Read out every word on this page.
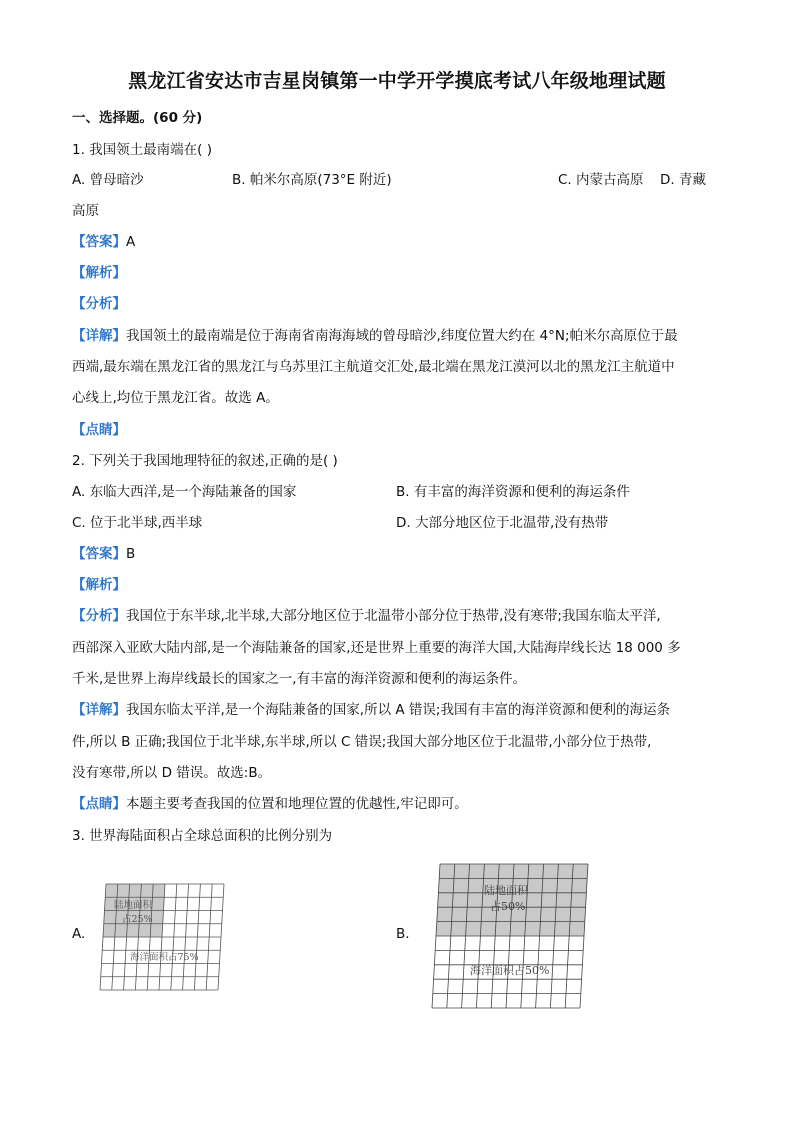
黑龙江省安达市吉星岗镇第一中学开学摸底考试八年级地理试题
一、选择题。(60 分)
1. 我国领土最南端在( )
A. 曾母暗沙	B. 帕米尔高原(73°E 附近)	C. 内蒙古高原 D. 青藏
高原
【答案】A
【解析】
【分析】
【详解】我国领土的最南端是位于海南省南海海域的曾母暗沙,纬度位置大约在 4°N;帕米尔高原位于最
西端,最东端在黑龙江省的黑龙江与乌苏里江主航道交汇处,最北端在黑龙江漠河以北的黑龙江主航道中
心线上,均位于黑龙江省。故选 A。
【点睛】
2. 下列关于我国地理特征的叙述,正确的是( )
A. 东临大西洋,是一个海陆兼备的国家	B. 有丰富的海洋资源和便利的海运条件
C. 位于北半球,西半球	D. 大部分地区位于北温带,没有热带
【答案】B
【解析】
【分析】我国位于东半球,北半球,大部分地区位于北温带小部分位于热带,没有寒带;我国东临太平洋,
西部深入亚欧大陆内部,是一个海陆兼备的国家,还是世界上重要的海洋大国,大陆海岸线长达 18 000 多
千米,是世界上海岸线最长的国家之一,有丰富的海洋资源和便利的海运条件。
【详解】我国东临太平洋,是一个海陆兼备的国家,所以 A 错误;我国有丰富的海洋资源和便利的海运条
件,所以 B 正确;我国位于北半球,东半球,所以 C 错误;我国大部分地区位于北温带,小部分位于热带,
没有寒带,所以 D 错误。故选:B。
【点睛】本题主要考查我国的位置和地理位置的优越性,牢记即可。
3. 世界海陆面积占全球总面积的比例分别为
A.	B.
陆地面积
占25%
海洋面积占75%
陆地面积
占50%
海洋面积占50%
